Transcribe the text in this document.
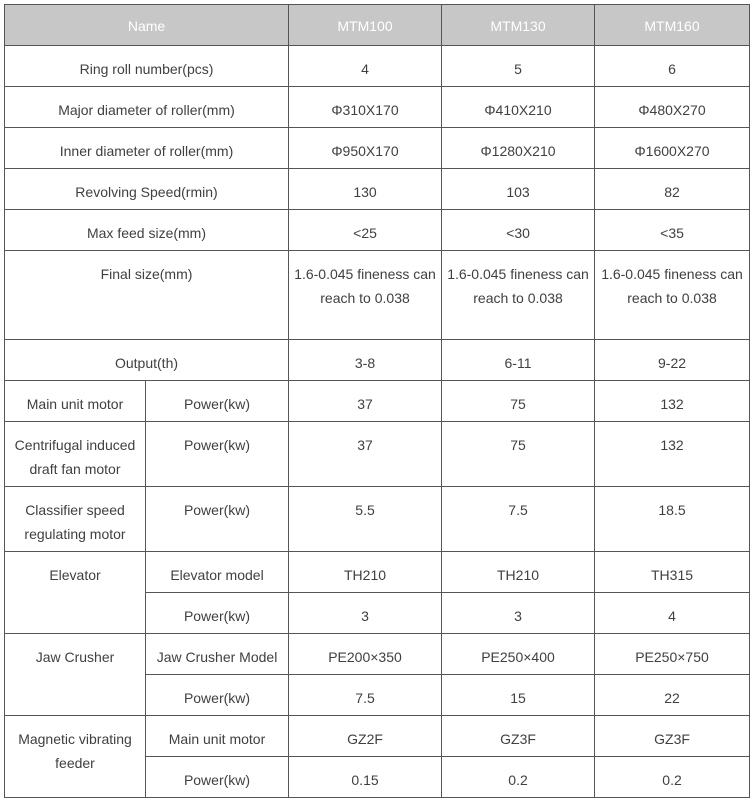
Name		MTM100	MTM130	MTM160
Ring roll number(pcs)		4	5	6
Major diameter of roller(mm)		Φ310X170	Φ410X210	Φ480X270
Inner diameter of roller(mm)		Φ950X170	Φ1280X210	Φ1600X270
Revolving Speed(rmin)		130	103	82
Max feed size(mm)		<25	<30	<35
Final size(mm)		1.6-0.045 fineness can reach to 0.038	1.6-0.045 fineness can reach to 0.038	1.6-0.045 fineness can reach to 0.038
Output(th)		3-8	6-11	9-22
Main unit motor	Power(kw)	37	75	132
Centrifugal induced draft fan motor	Power(kw)	37	75	132
Classifier speed regulating motor	Power(kw)	5.5	7.5	18.5
Elevator	Elevator model	TH210	TH210	TH315
	Power(kw)	3	3	4
Jaw Crusher	Jaw Crusher Model	PE200×350	PE250×400	PE250×750
	Power(kw)	7.5	15	22
Magnetic vibrating feeder	Main unit motor	GZ2F	GZ3F	GZ3F
	Power(kw)	0.15	0.2	0.2
